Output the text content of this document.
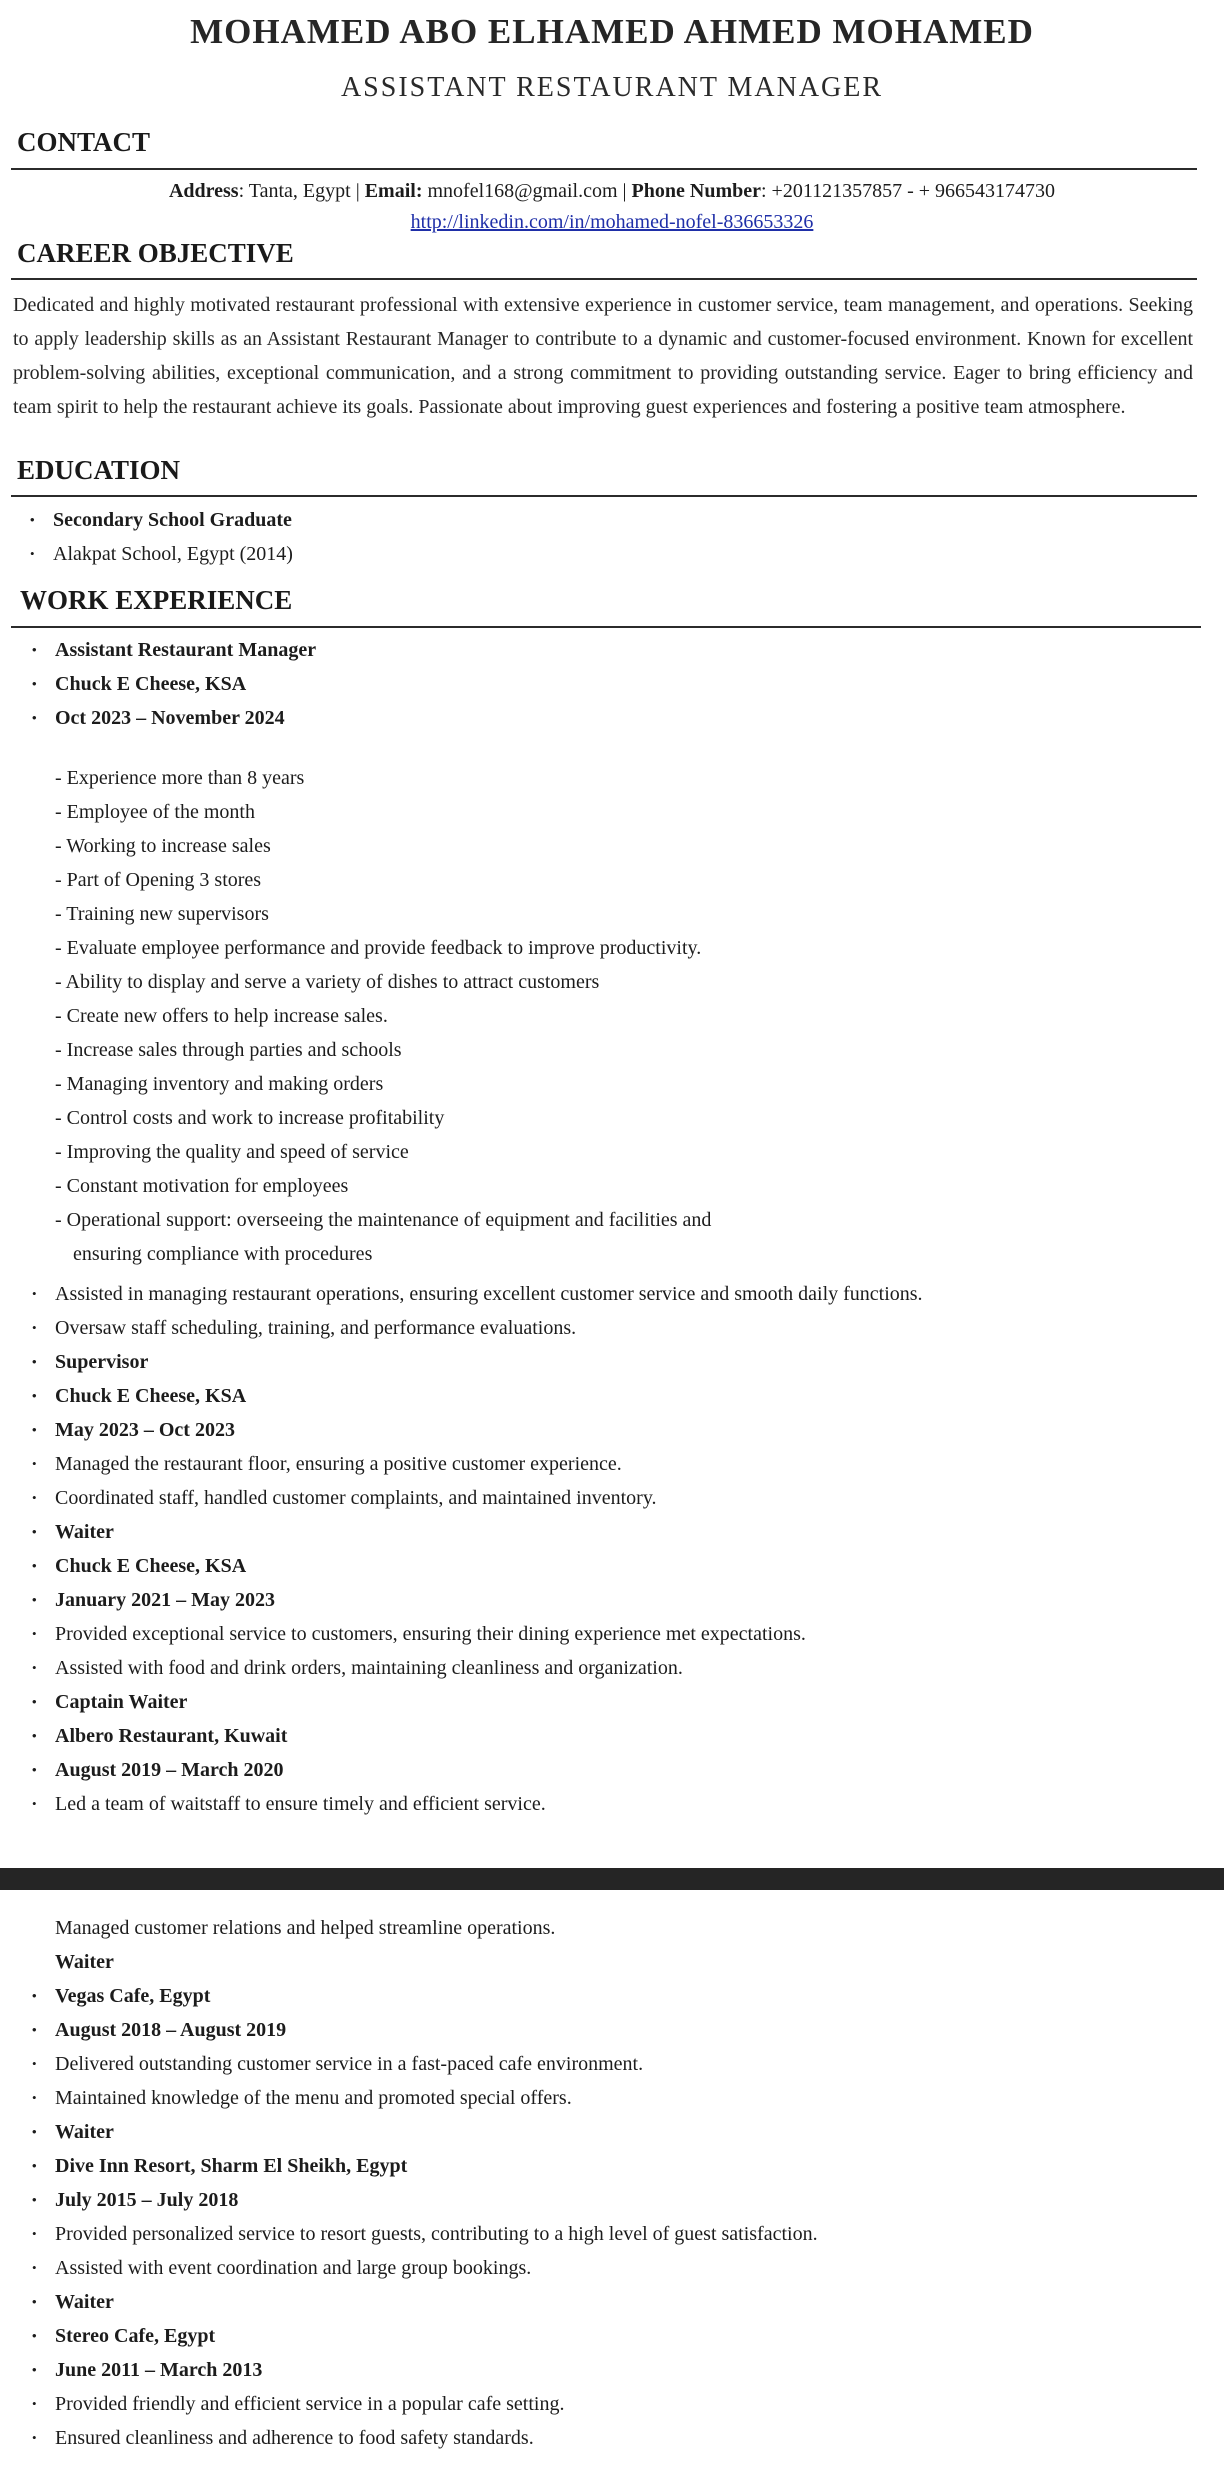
MOHAMED ABO ELHAMED AHMED MOHAMED
ASSISTANT RESTAURANT MANAGER
CONTACT
Address: Tanta, Egypt | Email: mnofel168@gmail.com | Phone Number: +201121357857 - + 966543174730
http://linkedin.com/in/mohamed-nofel-836653326
CAREER OBJECTIVE
Dedicated and highly motivated restaurant professional with extensive experience in customer service, team management, and operations. Seeking to apply leadership skills as an Assistant Restaurant Manager to contribute to a dynamic and customer-focused environment. Known for excellent problem-solving abilities, exceptional communication, and a strong commitment to providing outstanding service. Eager to bring efficiency and team spirit to help the restaurant achieve its goals. Passionate about improving guest experiences and fostering a positive team atmosphere.
EDUCATION
• Secondary School Graduate
• Alakpat School, Egypt (2014)
WORK EXPERIENCE
• Assistant Restaurant Manager
• Chuck E Cheese, KSA
• Oct 2023 – November 2024
- Experience more than 8 years
- Employee of the month
- Working to increase sales
- Part of Opening 3 stores
- Training new supervisors
- Evaluate employee performance and provide feedback to improve productivity.
- Ability to display and serve a variety of dishes to attract customers
- Create new offers to help increase sales.
- Increase sales through parties and schools
- Managing inventory and making orders
- Control costs and work to increase profitability
- Improving the quality and speed of service
- Constant motivation for employees
- Operational support: overseeing the maintenance of equipment and facilities and
ensuring compliance with procedures
• Assisted in managing restaurant operations, ensuring excellent customer service and smooth daily functions.
• Oversaw staff scheduling, training, and performance evaluations.
• Supervisor
• Chuck E Cheese, KSA
• May 2023 – Oct 2023
• Managed the restaurant floor, ensuring a positive customer experience.
• Coordinated staff, handled customer complaints, and maintained inventory.
• Waiter
• Chuck E Cheese, KSA
• January 2021 – May 2023
• Provided exceptional service to customers, ensuring their dining experience met expectations.
• Assisted with food and drink orders, maintaining cleanliness and organization.
• Captain Waiter
• Albero Restaurant, Kuwait
• August 2019 – March 2020
• Led a team of waitstaff to ensure timely and efficient service.
Managed customer relations and helped streamline operations.
Waiter
• Vegas Cafe, Egypt
• August 2018 – August 2019
• Delivered outstanding customer service in a fast-paced cafe environment.
• Maintained knowledge of the menu and promoted special offers.
• Waiter
• Dive Inn Resort, Sharm El Sheikh, Egypt
• July 2015 – July 2018
• Provided personalized service to resort guests, contributing to a high level of guest satisfaction.
• Assisted with event coordination and large group bookings.
• Waiter
• Stereo Cafe, Egypt
• June 2011 – March 2013
• Provided friendly and efficient service in a popular cafe setting.
• Ensured cleanliness and adherence to food safety standards.
